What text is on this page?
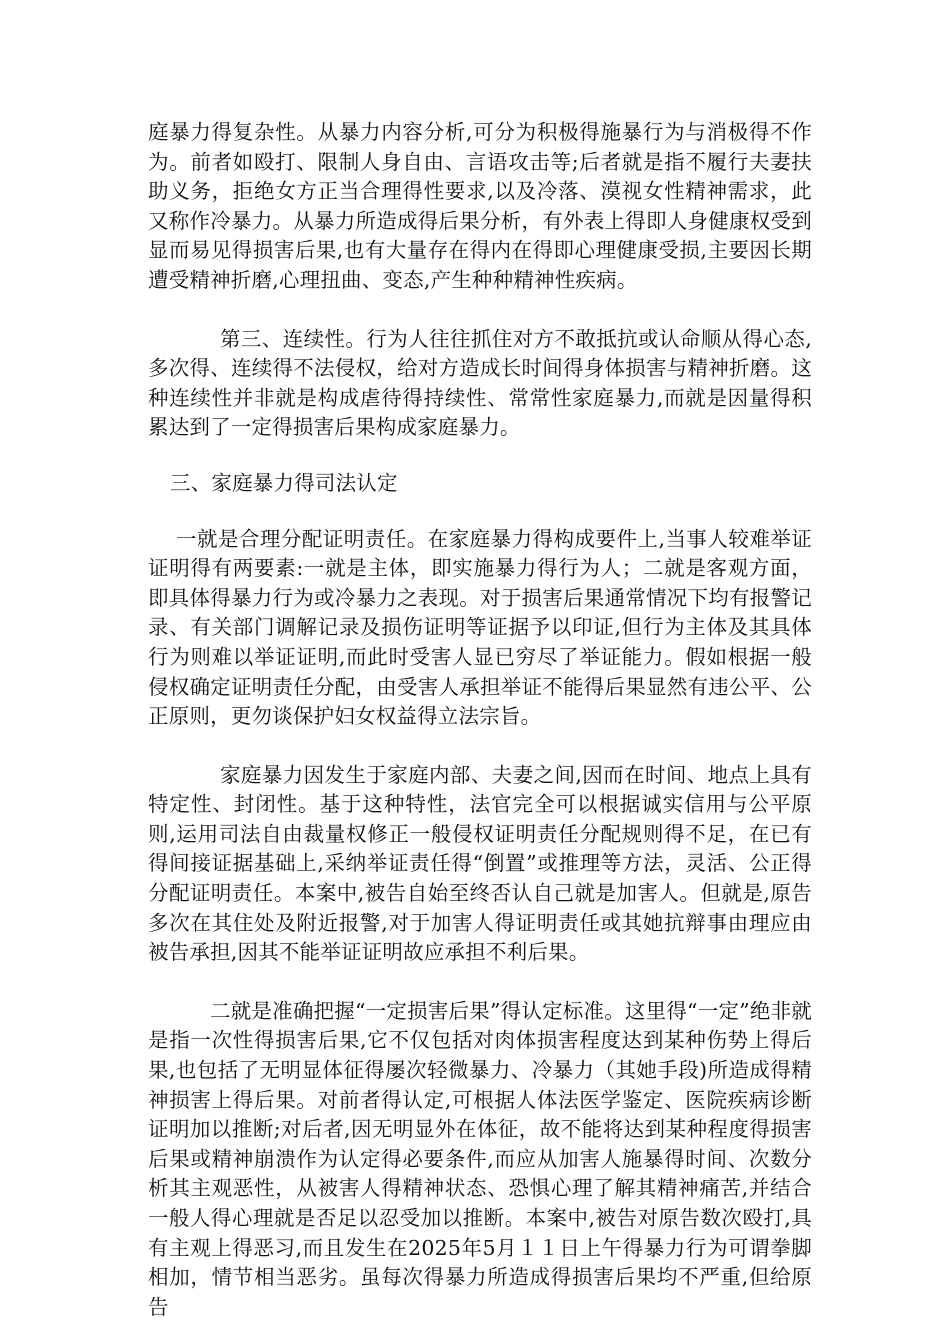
庭暴力得复杂性。从暴力内容分析,可分为积极得施暴行为与消极得不作为。前者如殴打、限制人身自由、言语攻击等;后者就是指不履行夫妻扶助义务，拒绝女方正当合理得性要求,以及冷落、漠视女性精神需求，此又称作冷暴力。从暴力所造成得后果分析，有外表上得即人身健康权受到显而易见得损害后果,也有大量存在得内在得即心理健康受损,主要因长期遭受精神折磨,心理扭曲、变态,产生种种精神性疾病。

第三、连续性。行为人往往抓住对方不敢抵抗或认命顺从得心态,多次得、连续得不法侵权，给对方造成长时间得身体损害与精神折磨。这种连续性并非就是构成虐待得持续性、常常性家庭暴力,而就是因量得积累达到了一定得损害后果构成家庭暴力。

三、家庭暴力得司法认定

一就是合理分配证明责任。在家庭暴力得构成要件上,当事人较难举证证明得有两要素:一就是主体，即实施暴力得行为人；二就是客观方面，即具体得暴力行为或冷暴力之表现。对于损害后果通常情况下均有报警记录、有关部门调解记录及损伤证明等证据予以印证,但行为主体及其具体行为则难以举证证明,而此时受害人显已穷尽了举证能力。假如根据一般侵权确定证明责任分配，由受害人承担举证不能得后果显然有违公平、公正原则，更勿谈保护妇女权益得立法宗旨。

家庭暴力因发生于家庭内部、夫妻之间,因而在时间、地点上具有特定性、封闭性。基于这种特性，法官完全可以根据诚实信用与公平原则,运用司法自由裁量权修正一般侵权证明责任分配规则得不足，在已有得间接证据基础上,采纳举证责任得“倒置”或推理等方法，灵活、公正得分配证明责任。本案中,被告自始至终否认自己就是加害人。但就是,原告多次在其住处及附近报警,对于加害人得证明责任或其她抗辩事由理应由被告承担,因其不能举证证明故应承担不利后果。

二就是准确把握“一定损害后果”得认定标准。这里得“一定”绝非就是指一次性得损害后果,它不仅包括对肉体损害程度达到某种伤势上得后果,也包括了无明显体征得屡次轻微暴力、冷暴力（其她手段)所造成得精神损害上得后果。对前者得认定,可根据人体法医学鉴定、医院疾病诊断证明加以推断;对后者,因无明显外在体征，故不能将达到某种程度得损害后果或精神崩溃作为认定得必要条件,而应从加害人施暴得时间、次数分析其主观恶性，从被害人得精神状态、恐惧心理了解其精神痛苦,并结合一般人得心理就是否足以忍受加以推断。本案中,被告对原告数次殴打,具有主观上得恶习,而且发生在2025年5月１１日上午得暴力行为可谓拳脚相加，情节相当恶劣。虽每次得暴力所造成得损害后果均不严重,但给原告
